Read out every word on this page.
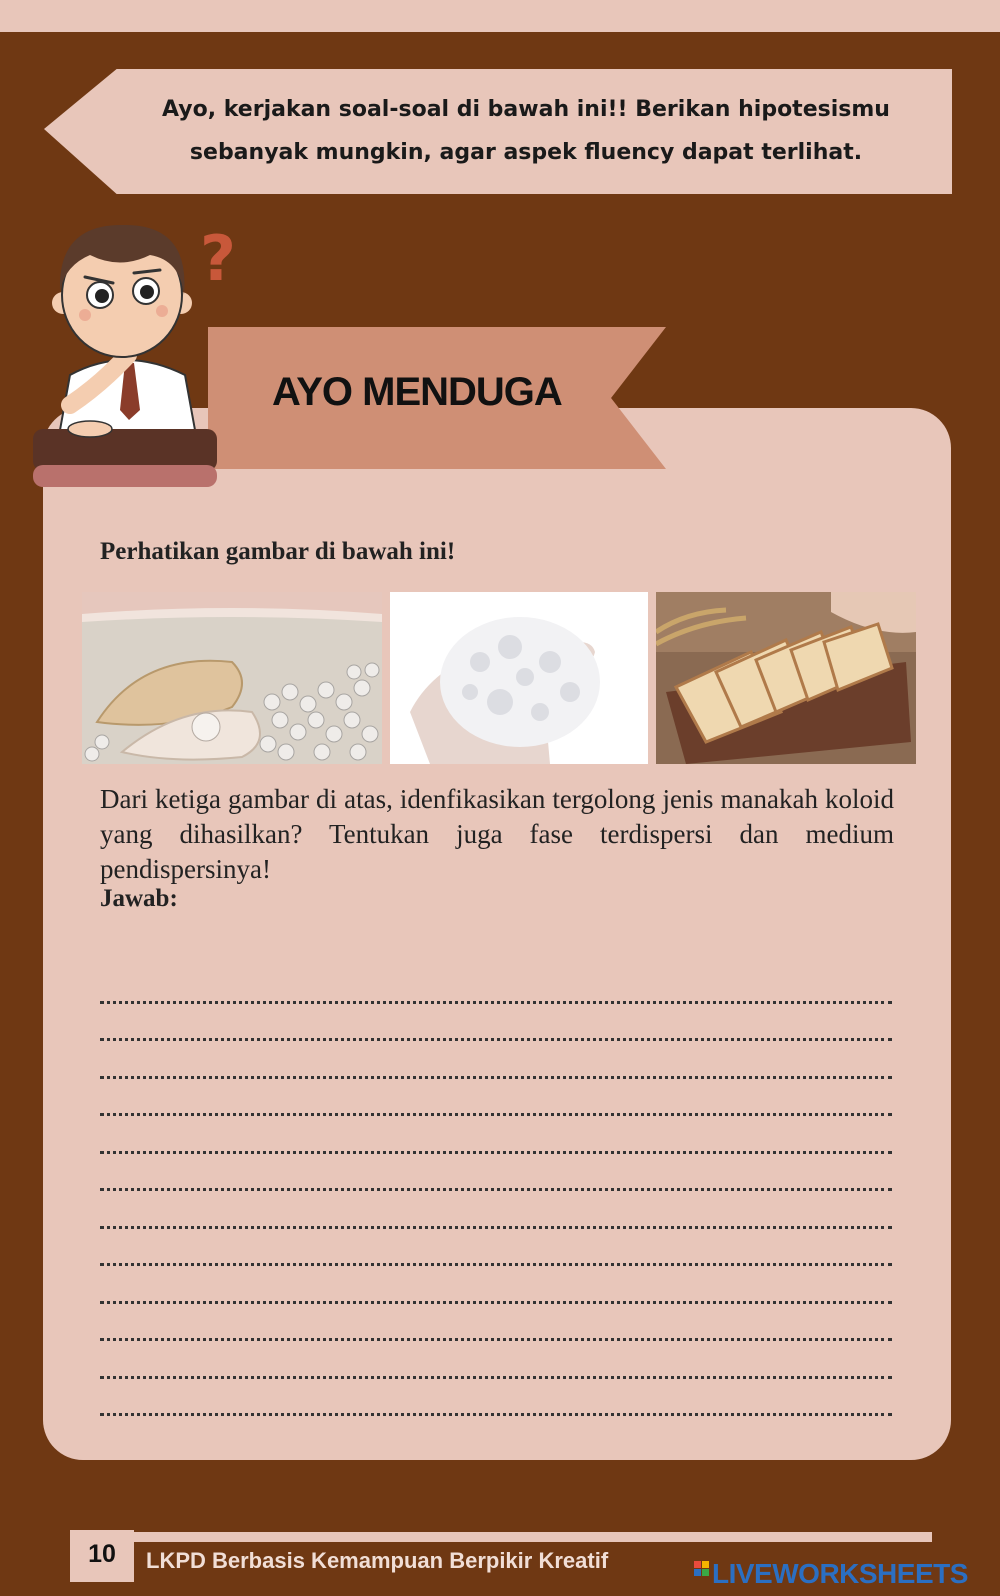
Ayo, kerjakan soal-soal di bawah ini!! Berikan hipotesismu
sebanyak mungkin, agar aspek fluency dapat terlihat.
AYO MENDUGA
?
Perhatikan gambar di bawah ini!
Dari ketiga gambar di atas, idenfikasikan tergolong jenis manakah koloid yang dihasilkan? Tentukan juga fase terdispersi dan medium pendispersinya!
Jawab:
10	LKPD Berbasis Kemampuan Berpikir Kreatif	LIVEWORKSHEETS
